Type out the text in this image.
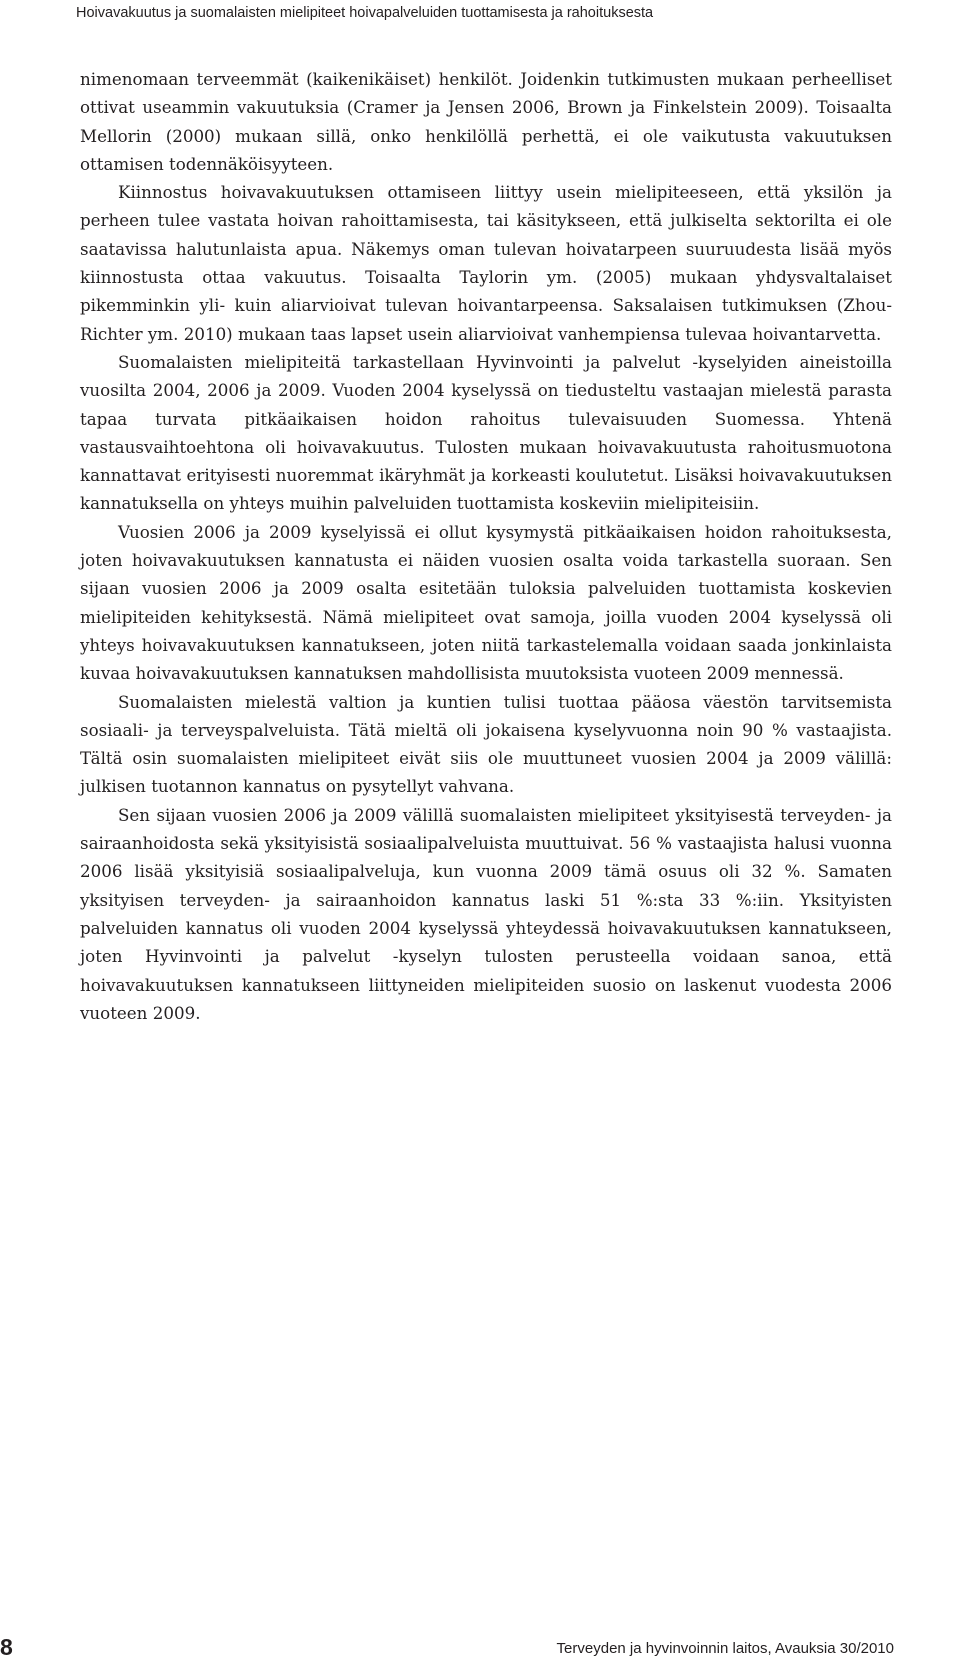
Hoivavakuutus ja suomalaisten mielipiteet hoivapalveluiden tuottamisesta ja rahoituksesta

nimenomaan terveemmät (kaikenikäiset) henkilöt. Joidenkin tutkimusten mukaan perheelliset ottivat useammin vakuutuksia (Cramer ja Jensen 2006, Brown ja Finkelstein 2009). Toisaalta Mellorin (2000) mukaan sillä, onko henkilöllä perhettä, ei ole vaikutusta vakuutuksen ottamisen todennäköisyyteen.

Kiinnostus hoivavakuutuksen ottamiseen liittyy usein mielipiteeseen, että yksilön ja perheen tulee vastata hoivan rahoittamisesta, tai käsitykseen, että julkiselta sektorilta ei ole saatavissa halutunlaista apua. Näkemys oman tulevan hoivatarpeen suuruudesta lisää myös kiinnostusta ottaa vakuutus. Toisaalta Taylorin ym. (2005) mukaan yhdysvaltalaiset pikemminkin yli- kuin aliarvioivat tulevan hoivantarpeensa. Saksalaisen tutkimuksen (Zhou-Richter ym. 2010) mukaan taas lapset usein aliarvioivat vanhempiensa tulevaa hoivantarvetta.

Suomalaisten mielipiteitä tarkastellaan Hyvinvointi ja palvelut -kyselyiden aineistoilla vuosilta 2004, 2006 ja 2009. Vuoden 2004 kyselyssä on tiedusteltu vastaajan mielestä parasta tapaa turvata pitkäaikaisen hoidon rahoitus tulevaisuuden Suomessa. Yhtenä vastausvaihtoehtona oli hoivavakuutus. Tulosten mukaan hoivavakuutusta rahoitusmuotona kannattavat erityisesti nuoremmat ikäryhmät ja korkeasti koulutetut. Lisäksi hoivavakuutuksen kannatuksella on yhteys muihin palveluiden tuottamista koskeviin mielipiteisiin.

Vuosien 2006 ja 2009 kyselyissä ei ollut kysymystä pitkäaikaisen hoidon rahoituksesta, joten hoivavakuutuksen kannatusta ei näiden vuosien osalta voida tarkastella suoraan. Sen sijaan vuosien 2006 ja 2009 osalta esitetään tuloksia palveluiden tuottamista koskevien mielipiteiden kehityksestä. Nämä mielipiteet ovat samoja, joilla vuoden 2004 kyselyssä oli yhteys hoivavakuutuksen kannatukseen, joten niitä tarkastelemalla voidaan saada jonkinlaista kuvaa hoivavakuutuksen kannatuksen mahdollisista muutoksista vuoteen 2009 mennessä.

Suomalaisten mielestä valtion ja kuntien tulisi tuottaa pääosa väestön tarvitsemista sosiaali- ja terveyspalveluista. Tätä mieltä oli jokaisena kyselyvuonna noin 90 % vastaajista. Tältä osin suomalaisten mielipiteet eivät siis ole muuttuneet vuosien 2004 ja 2009 välillä: julkisen tuotannon kannatus on pysytellyt vahvana.

Sen sijaan vuosien 2006 ja 2009 välillä suomalaisten mielipiteet yksityisestä terveyden- ja sairaanhoidosta sekä yksityisistä sosiaalipalveluista muuttuivat. 56 % vastaajista halusi vuonna 2006 lisää yksityisiä sosiaalipalveluja, kun vuonna 2009 tämä osuus oli 32 %. Samaten yksityisen terveyden- ja sairaanhoidon kannatus laski 51 %:sta 33 %:iin. Yksityisten palveluiden kannatus oli vuoden 2004 kyselyssä yhteydessä hoivavakuutuksen kannatukseen, joten Hyvinvointi ja palvelut -kyselyn tulosten perusteella voidaan sanoa, että hoivavakuutuksen kannatukseen liittyneiden mielipiteiden suosio on laskenut vuodesta 2006 vuoteen 2009.

8	Terveyden ja hyvinvoinnin laitos, Avauksia 30/2010
